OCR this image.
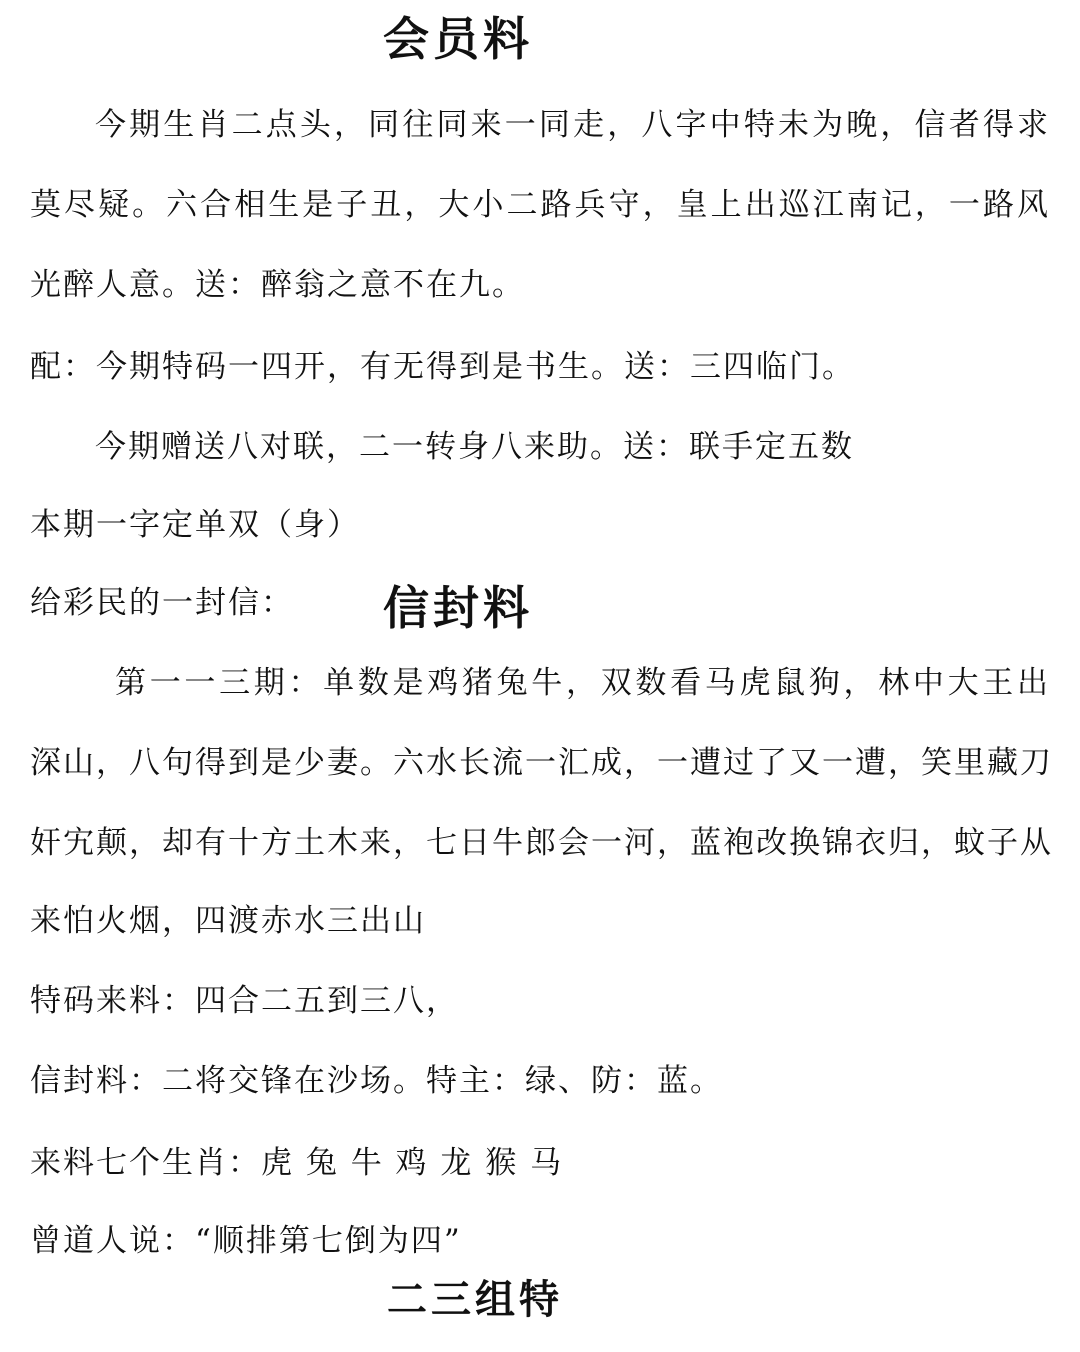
会员料
今期生肖二点头，同往同来一同走，八字中特未为晚，信者得求
莫尽疑。六合相生是子丑，大小二路兵守，皇上出巡江南记，一路风
光醉人意。送：醉翁之意不在九。
配：今期特码一四开，有无得到是书生。送：三四临门。
今期赠送八对联，二一转身八来助。送：联手定五数
本期一字定单双（身）
给彩民的一封信： 信封料
第一一三期：单数是鸡猪兔牛，双数看马虎鼠狗，林中大王出
深山，八句得到是少妻。六水长流一汇成，一遭过了又一遭，笑里藏刀
奸宄颠，却有十方土木来，七日牛郎会一河，蓝袍改换锦衣归，蚊子从
来怕火烟，四渡赤水三出山
特码来料：四合二五到三八，
信封料：二将交锋在沙场。特主：绿、防：蓝。
来料七个生肖：虎 兔 牛 鸡 龙 猴 马
曾道人说：“顺排第七倒为四”
二三组特
